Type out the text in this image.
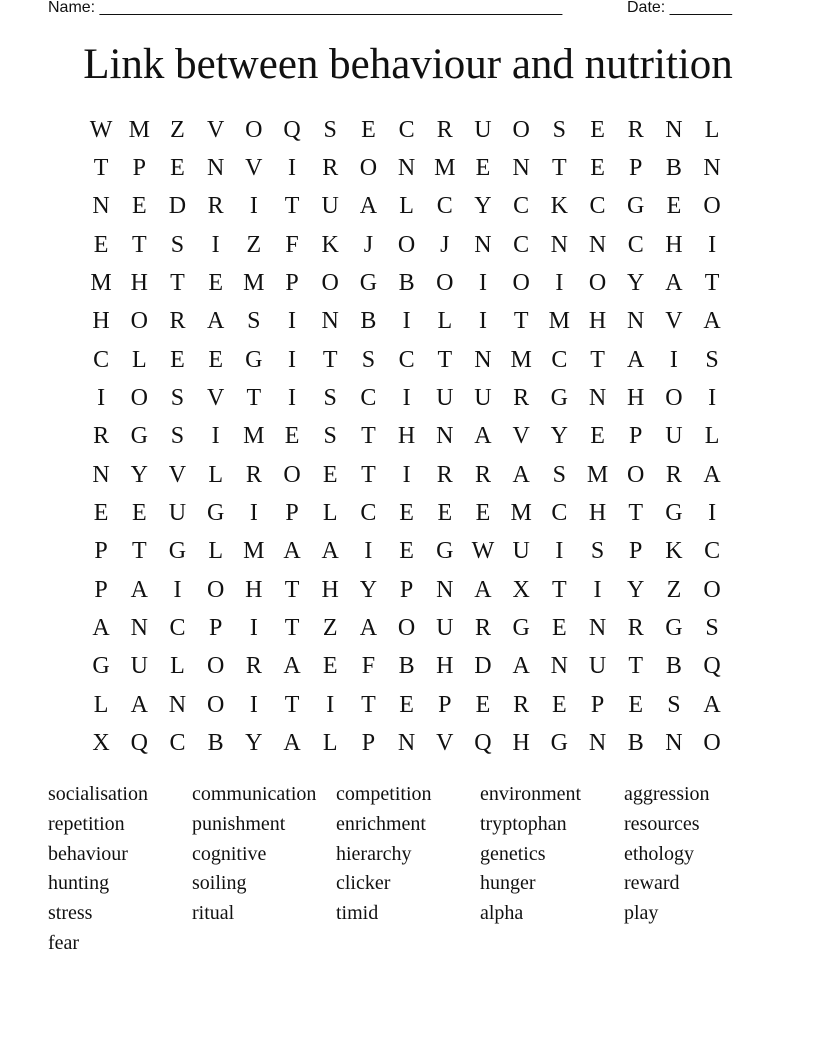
Name: ____________________________________________________	Date: _______
Link between behaviour and nutrition
W M Z V O Q S	E C R U O S	E R N L
T	P	E N V	I	R O N M E N T E	P B N
N E D R	I	T U A L C Y C K C G E O
E T	S	I	Z	F K	J	O	J	N C N N C H	I
M H T E M P O G B O	I	O	I	O Y A T
H O R A S	I	N B	I	L	I	T M H N V A
C L E E G	I	T	S C T N M C T A	I	S
I	O S V T	I	S C	I	U U R G N H O	I
R G S	I M E	S	T H N A V Y E	P U L
N Y V L R O E T	I	R R A S M O R A
E E U G	I	P	L C E E E M C H T G	I
P	T G L M A A	I	E G W U	I	S	P K C
P A	I	O H T H Y P N A X T	I	Y Z O
A N C P	I	T Z A O U R G E N R G S
G U L O R A E	F B H D A N U T B Q
L A N O	I	T	I	T E	P	E R E	P	E	S A
X Q C B Y A L	P N V Q H G N B N O
socialisation	communication competition	environment	aggression
repetition	punishment	enrichment	tryptophan	resources
behaviour	cognitive	hierarchy	genetics	ethology
hunting	soiling	clicker	hunger	reward
stress	ritual	timid	alpha	play
fear
